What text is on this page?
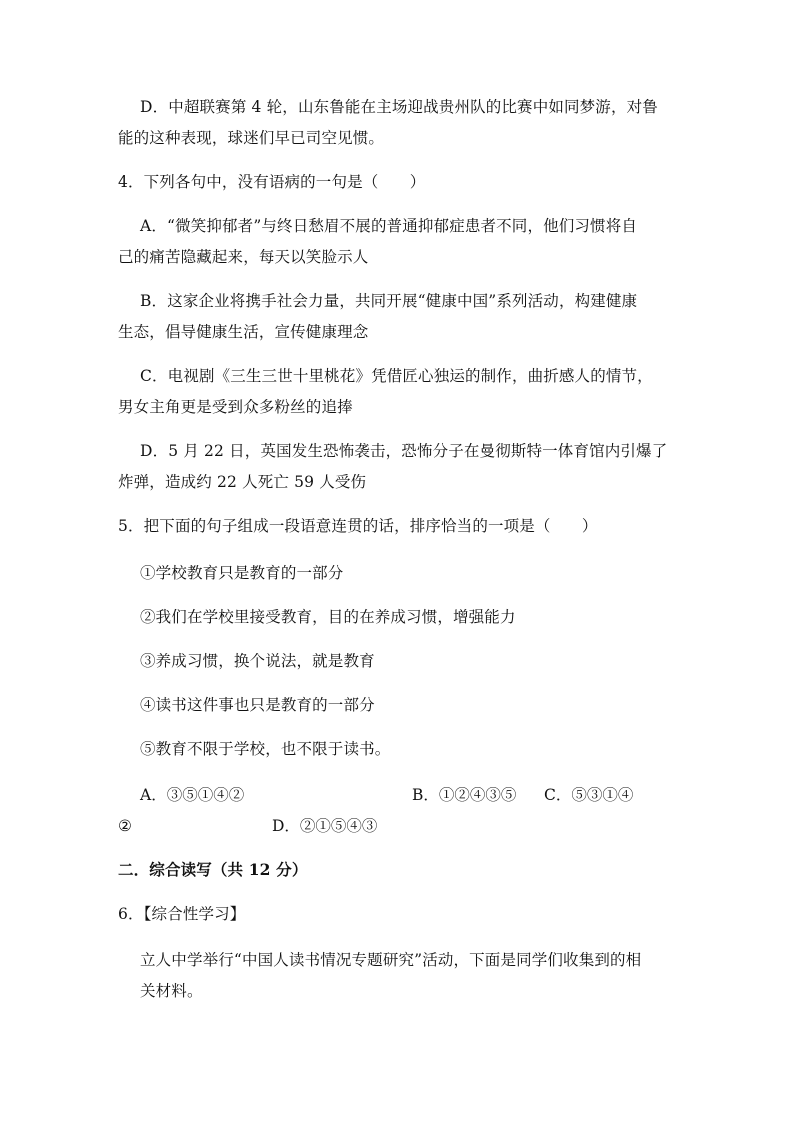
D．中超联赛第 4 轮，山东鲁能在主场迎战贵州队的比赛中如同梦游，对鲁
能的这种表现，球迷们早已司空见惯。
4．下列各句中，没有语病的一句是（　　）
A．“微笑抑郁者”与终日愁眉不展的普通抑郁症患者不同，他们习惯将自
己的痛苦隐藏起来，每天以笑脸示人
B．这家企业将携手社会力量，共同开展“健康中国”系列活动，构建健康
生态，倡导健康生活，宣传健康理念
C．电视剧《三生三世十里桃花》凭借匠心独运的制作，曲折感人的情节，
男女主角更是受到众多粉丝的追捧
D．5 月 22 日，英国发生恐怖袭击，恐怖分子在曼彻斯特一体育馆内引爆了
炸弹，造成约 22 人死亡 59 人受伤
5．把下面的句子组成一段语意连贯的话，排序恰当的一项是（　　）
①学校教育只是教育的一部分
②我们在学校里接受教育，目的在养成习惯，增强能力
③养成习惯，换个说法，就是教育
④读书这件事也只是教育的一部分
⑤教育不限于学校，也不限于读书。
A．③⑤①④②	B．①②④③⑤ C．⑤③①④
②	D．②①⑤④③
二．综合读写（共 12 分）
6．【综合性学习】
立人中学举行“中国人读书情况专题研究”活动，下面是同学们收集到的相
关材料。
